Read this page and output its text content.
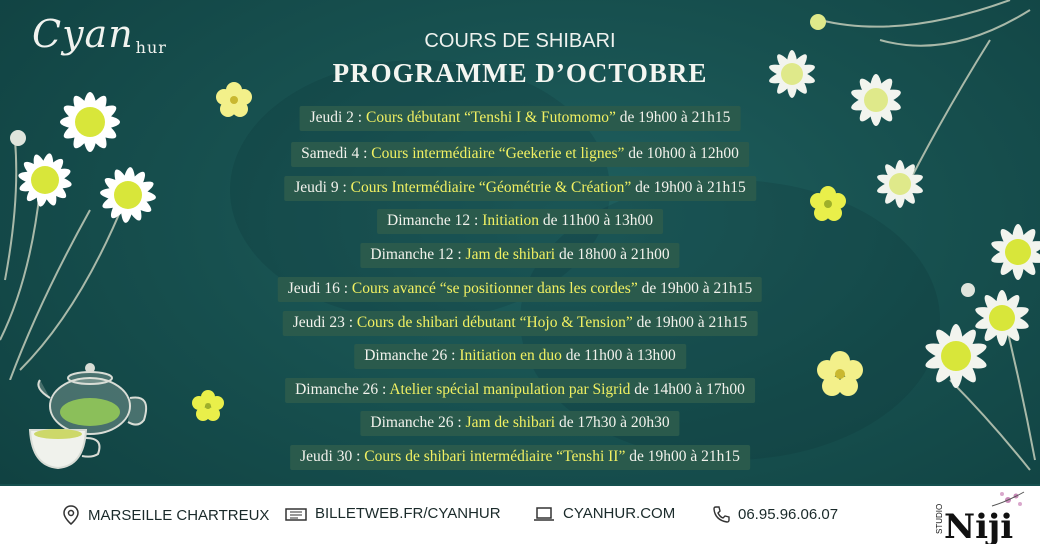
Cyan hur	COURS DE SHIBARI
PROGRAMME D’OCTOBRE
Jeudi 2 : Cours débutant “Tenshi I & Futomomo” de 19h00 à 21h15
Samedi 4 : Cours intermédiaire “Geekerie et lignes” de 10h00 à 12h00
Jeudi 9 : Cours Intermédiaire “Géométrie & Création” de 19h00 à 21h15
Dimanche 12 : Initiation de 11h00 à 13h00
Dimanche 12 : Jam de shibari de 18h00 à 21h00
Jeudi 16 : Cours avancé “se positionner dans les cordes” de 19h00 à 21h15
Jeudi 23 : Cours de shibari débutant “Hojo & Tension” de 19h00 à 21h15
Dimanche 26 : Initiation en duo de 11h00 à 13h00
Dimanche 26 : Atelier spécial manipulation par Sigrid de 14h00 à 17h00
Dimanche 26 : Jam de shibari de 17h30 à 20h30
Jeudi 30 : Cours de shibari intermédiaire “Tenshi II” de 19h00 à 21h15
MARSEILLE CHARTREUX	BILLETWEB.FR/CYANHUR	CYANHUR.COM	06.95.96.06.07	STUDIO Niji
